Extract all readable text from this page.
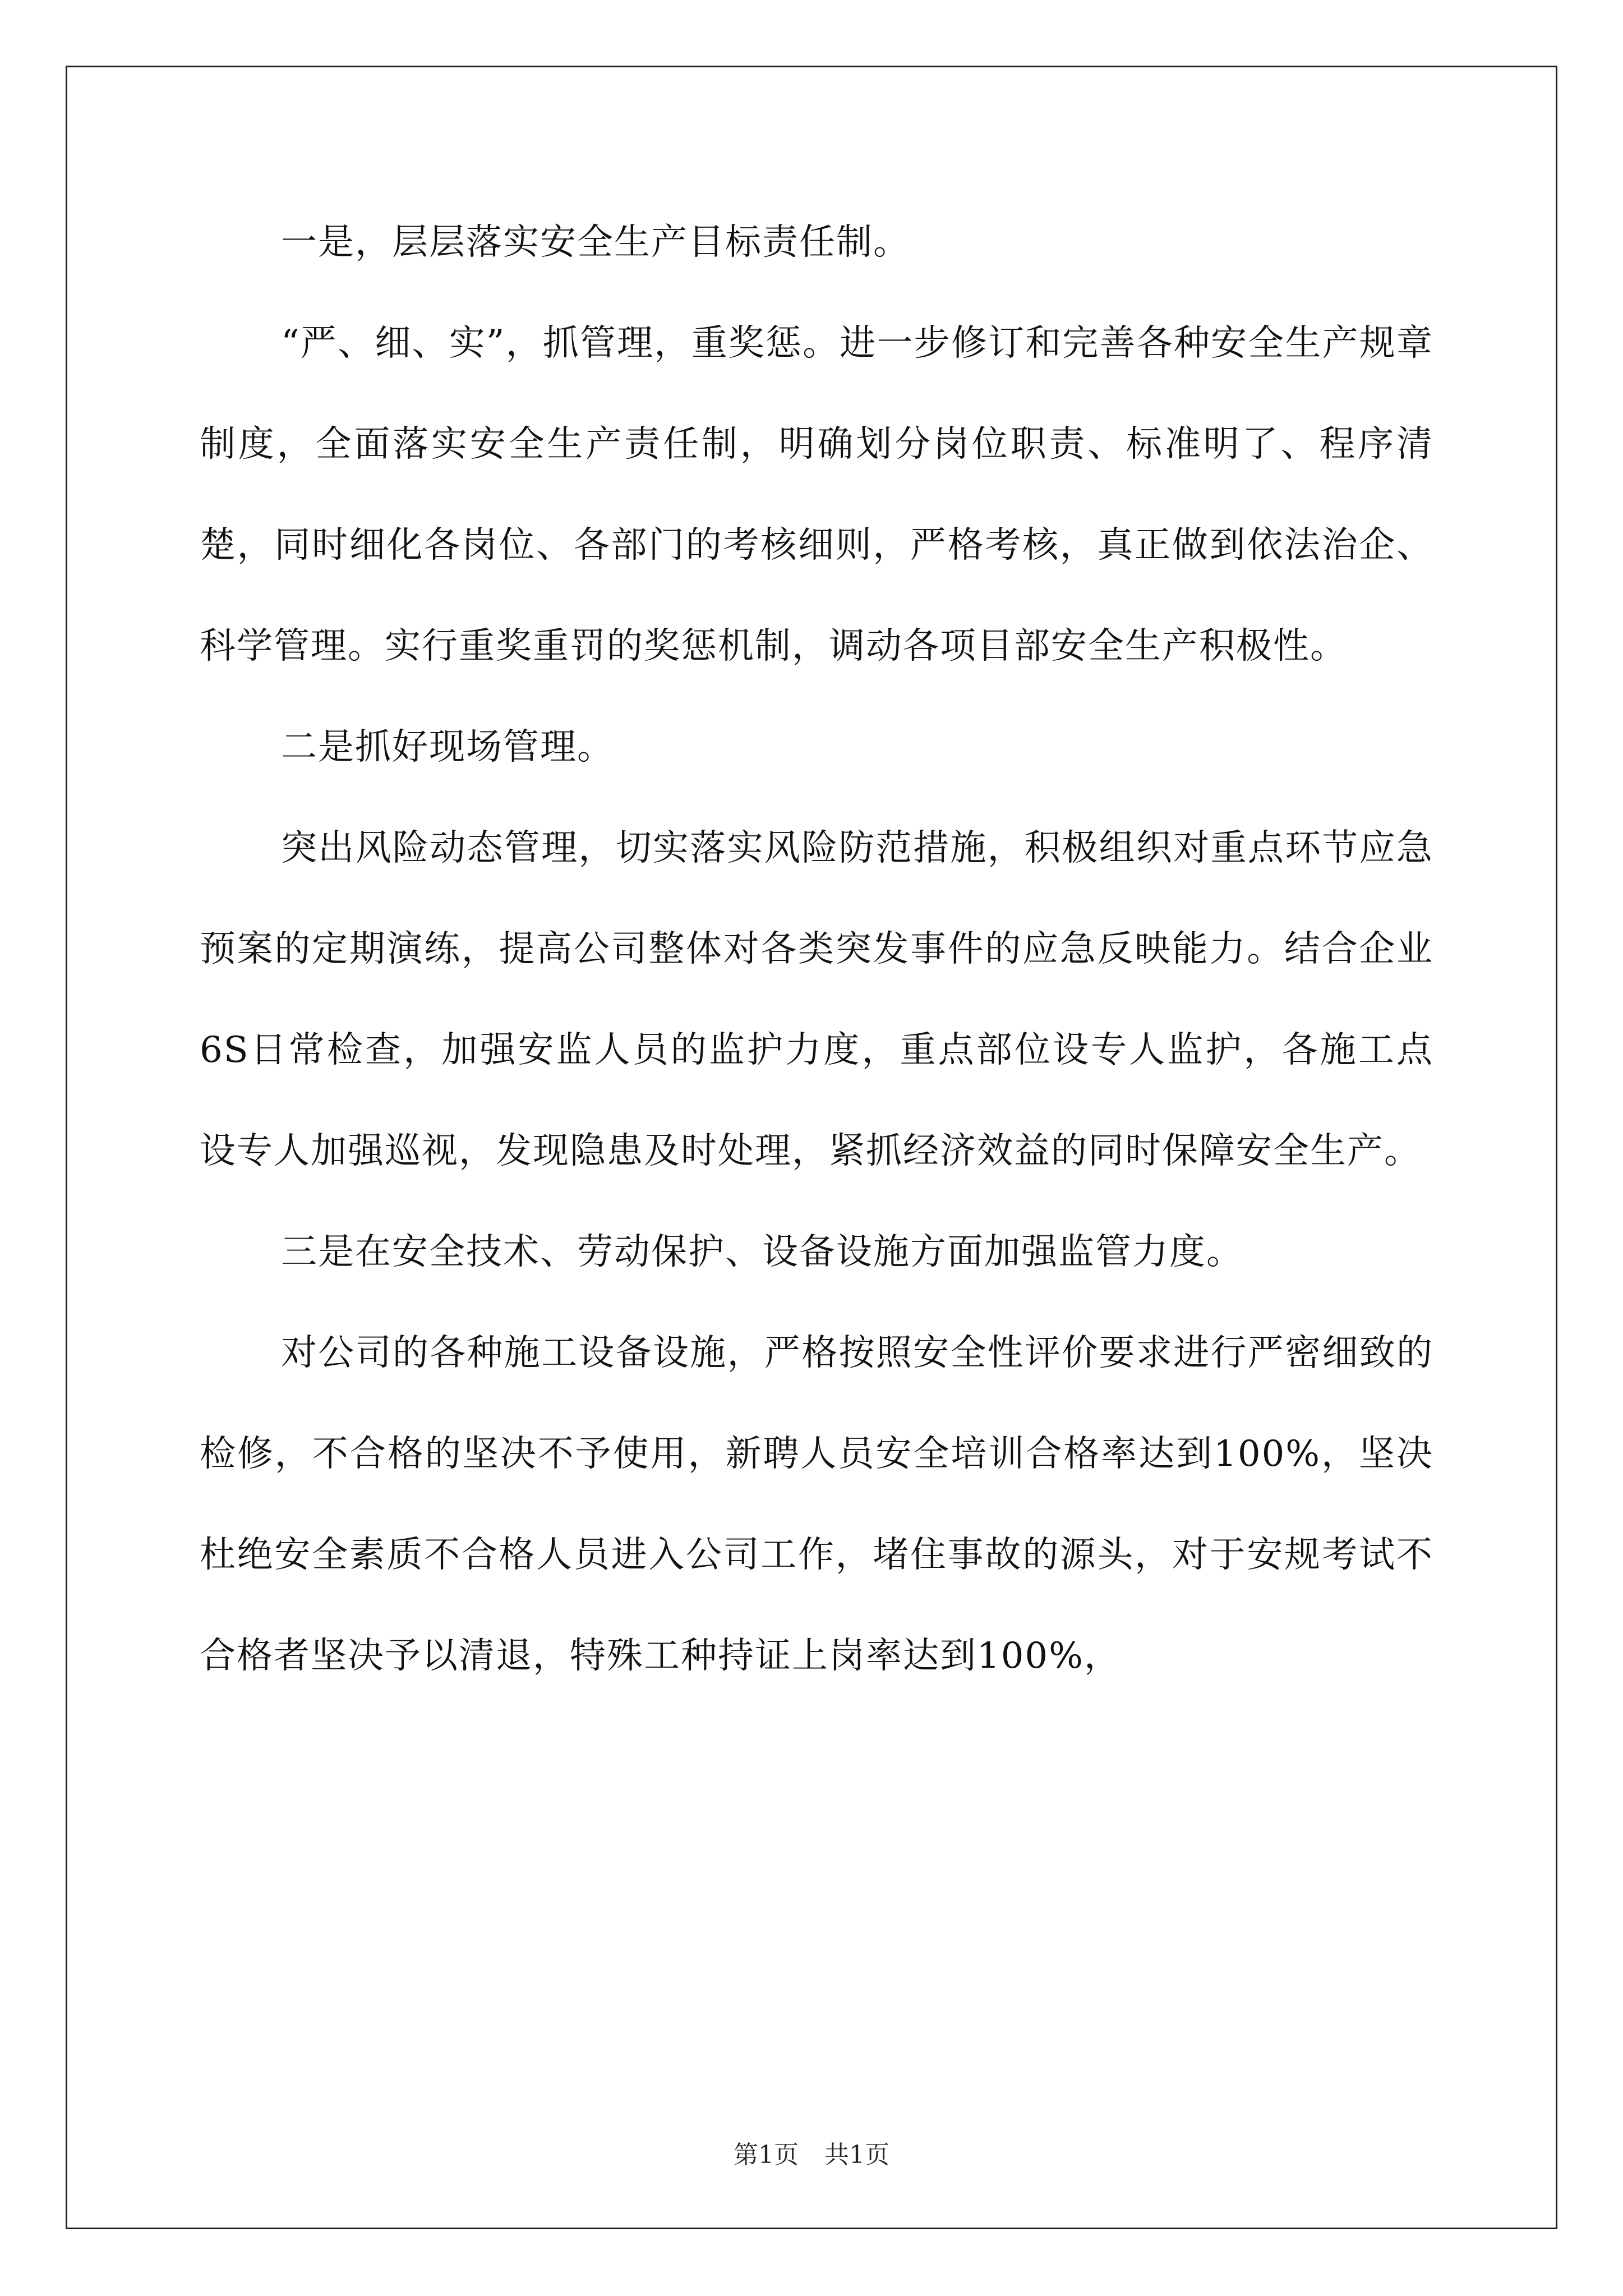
一是，层层落实安全生产目标责任制。

“严、细、实”，抓管理，重奖惩。进一步修订和完善各种安全生产规章制度，全面落实安全生产责任制，明确划分岗位职责、标准明了、程序清楚，同时细化各岗位、各部门的考核细则，严格考核，真正做到依法治企、科学管理。实行重奖重罚的奖惩机制，调动各项目部安全生产积极性。

二是抓好现场管理。

突出风险动态管理，切实落实风险防范措施，积极组织对重点环节应急预案的定期演练，提高公司整体对各类突发事件的应急反映能力。结合企业6S日常检查，加强安监人员的监护力度，重点部位设专人监护，各施工点设专人加强巡视，发现隐患及时处理，紧抓经济效益的同时保障安全生产。

三是在安全技术、劳动保护、设备设施方面加强监管力度。

对公司的各种施工设备设施，严格按照安全性评价要求进行严密细致的检修，不合格的坚决不予使用，新聘人员安全培训合格率达到100%，坚决杜绝安全素质不合格人员进入公司工作，堵住事故的源头，对于安规考试不合格者坚决予以清退，特殊工种持证上岗率达到100%，

第1页 共1页
